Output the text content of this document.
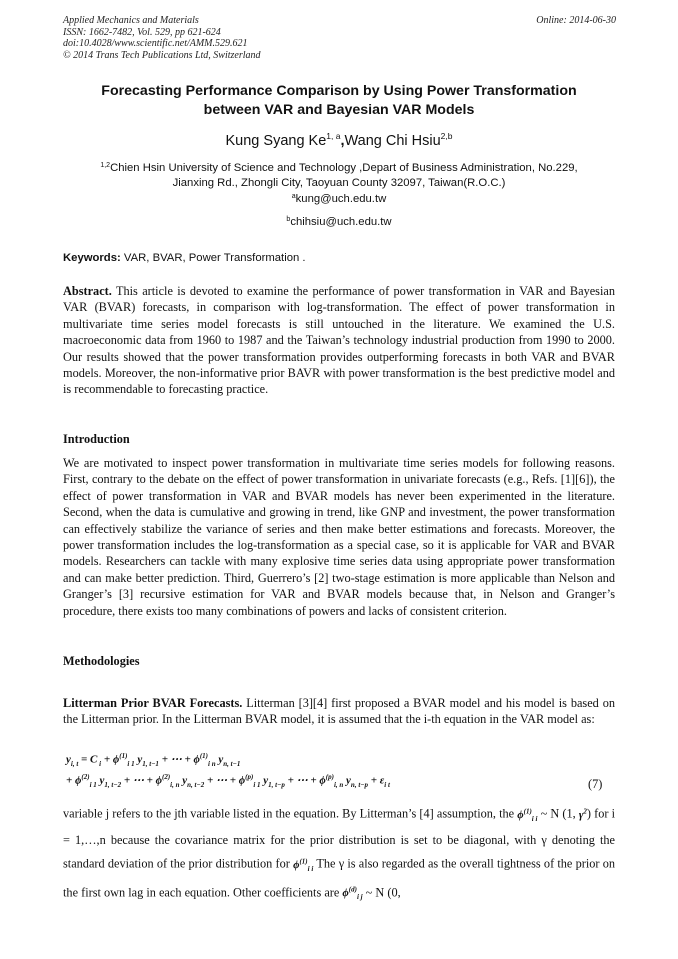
Applied Mechanics and Materials
ISSN: 1662-7482, Vol. 529, pp 621-624
doi:10.4028/www.scientific.net/AMM.529.621
© 2014 Trans Tech Publications Ltd, Switzerland
Online: 2014-06-30
Forecasting Performance Comparison by Using Power Transformation
between VAR and Bayesian VAR Models
Kung Syang Ke$^{1, a}$,Wang Chi Hsiu$^{2,b}$
$^{1,2}$Chien Hsin University of Science and Technology ,Depart of Business Administration, No.229,
Jianxing Rd., Zhongli City, Taoyuan County 32097, Taiwan(R.O.C.)
$^a$kung@uch.edu.tw
$^b$chihsiu@uch.edu.tw
Keywords: VAR, BVAR, Power Transformation .
Abstract. This article is devoted to examine the performance of power transformation in VAR and Bayesian VAR (BVAR) forecasts, in comparison with log-transformation. The effect of power transformation in multivariate time series model forecasts is still untouched in the literature. We examined the U.S. macroeconomic data from 1960 to 1987 and the Taiwan’s technology industrial production from 1990 to 2000. Our results showed that the power transformation provides outperforming forecasts in both VAR and BVAR models. Moreover, the non-informative prior BAVR with power transformation is the best predictive model and is recommendable to forecasting practice.
Introduction
We are motivated to inspect power transformation in multivariate time series models for following reasons. First, contrary to the debate on the effect of power transformation in univariate forecasts (e.g., Refs. [1][6]), the effect of power transformation in VAR and BVAR models has never been experimented in the literature. Second, when the data is cumulative and growing in trend, like GNP and investment, the power transformation can effectively stabilize the variance of series and then make better estimations and forecasts. Moreover, the power transformation includes the log-transformation as a special case, so it is applicable for VAR and BVAR models. Researchers can tackle with many explosive time series data using appropriate power transformation and can make better prediction. Third, Guerrero’s [2] two-stage estimation is more applicable than Nelson and Granger’s [3] recursive estimation for VAR and BVAR models because that, in Nelson and Granger’s procedure, there exists too many combinations of powers and lacks of consistent criterion.
Methodologies
Litterman Prior BVAR Forecasts. Litterman [3][4] first proposed a BVAR model and his model is based on the Litterman prior. In the Litterman BVAR model, it is assumed that the i-th equation in the VAR model as:
$y_{i, t} = C$ $_i + \phi^{(1)}_{i 1}$ $y_{1, t-1}$ + ⋯ + $\phi^{(1)}_{i n}$ $y_{n, t-1}$
+ $\phi^{(2)}_{i 1}$ $y_{1, t-2}$ + ⋯ + $\phi^{(2)}_{i, n}$ $y_{n, t-2}$ + ⋯ + $\phi^{(p)}_{i 1}$ $y_{1, t-p}$ + ⋯ + $\phi^{(p)}_{i, n}$ $y_{n, t-p} + \varepsilon_{i t}$	(7)
variable j refers to the jth variable listed in the equation. By Litterman’s [4] assumption, the $\phi^{(1)}_{i i}$ ~ N (1, $\gamma^2$) for i = 1,…,n because the covariance matrix for the prior distribution is set to be diagonal, with γ denoting the standard deviation of the prior distribution for $\phi^{(1)}_{i i}$ The γ is also regarded as the overall tightness of the prior on the first own lag in each equation. Other coefficients are $\phi^{(d)}_{i j}$ ~ N (0,
